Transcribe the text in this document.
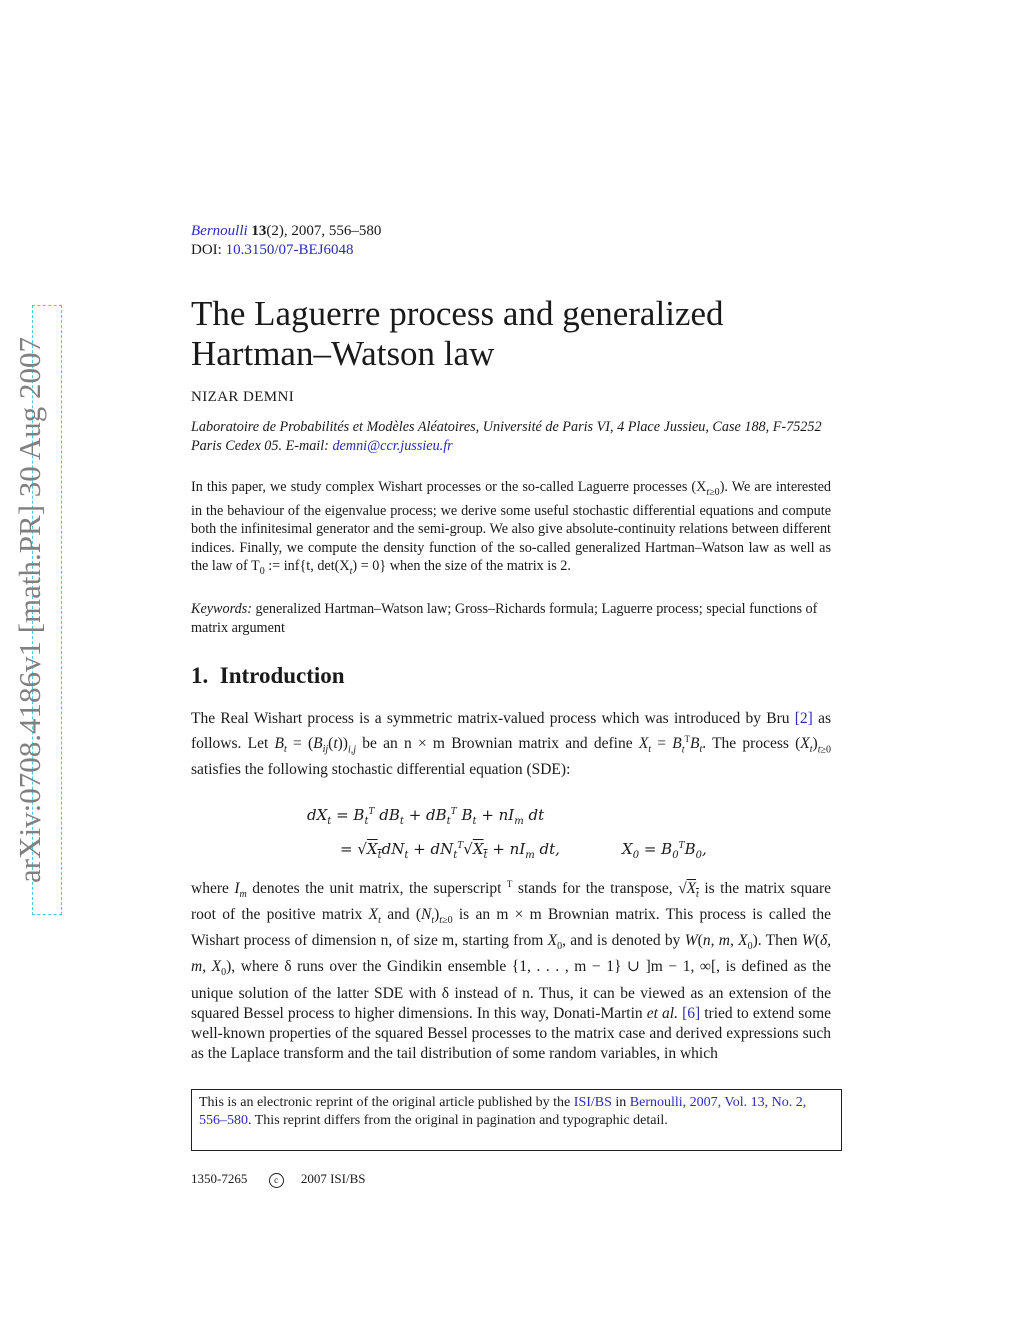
arXiv:0708.4186v1 [math.PR] 30 Aug 2007
Bernoulli 13(2), 2007, 556–580
DOI: 10.3150/07-BEJ6048
The Laguerre process and generalized Hartman–Watson law
NIZAR DEMNI
Laboratoire de Probabilités et Modèles Aléatoires, Université de Paris VI, 4 Place Jussieu, Case 188, F-75252 Paris Cedex 05. E-mail: demni@ccr.jussieu.fr
In this paper, we study complex Wishart processes or the so-called Laguerre processes $(X_{t\ge 0})$. We are interested in the behaviour of the eigenvalue process; we derive some useful stochastic differential equations and compute both the infinitesimal generator and the semi-group. We also give absolute-continuity relations between different indices. Finally, we compute the density function of the so-called generalized Hartman–Watson law as well as the law of $T_0$ := inf{t, $\det(X_t) = 0$} when the size of the matrix is 2.
Keywords: generalized Hartman–Watson law; Gross–Richards formula; Laguerre process; special functions of matrix argument
1. Introduction
The Real Wishart process is a symmetric matrix-valued process which was introduced by Bru [2] as follows. Let $B_t = (B_{ij}(t))_{i,j}$ be an n × m Brownian matrix and define $X_t = B_t^TB_t$. The process $(X_t)_{t\ge 0}$ satisfies the following stochastic differential equation (SDE):
$dX_t = B_t^T$ $dB_t + dB_t^T$ $B_t + nI_m$ dt
= $√X_tdN_t + dN_t^T√X_t + nI_m$ dt,	$X_0 = B_0^TB_0$,
where $I_m$ denotes the unit matrix, the superscript $^T$ stands for the transpose, $√X_t$ is the matrix square root of the positive matrix $X_t$ and $(N_t)_{t\ge 0}$ is an m × m Brownian matrix. This process is called the Wishart process of dimension n, of size m, starting from $X_0$, and is denoted by W(n, m, $X_0$). Then W(δ, m, $X_0$), where δ runs over the Gindikin ensemble {1, . . . , m − 1} ∪ ]m − 1, ∞[, is defined as the unique solution of the latter SDE with δ instead of n. Thus, it can be viewed as an extension of the squared Bessel process to higher dimensions. In this way, Donati-Martin et al. [6] tried to extend some well-known properties of the squared Bessel processes to the matrix case and derived expressions such as the Laplace transform and the tail distribution of some random variables, in which
This is an electronic reprint of the original article published by the ISI/BS in Bernoulli, 2007, Vol. 13, No. 2, 556–580. This reprint differs from the original in pagination and typographic detail.
1350-7265	c 2007 ISI/BS
